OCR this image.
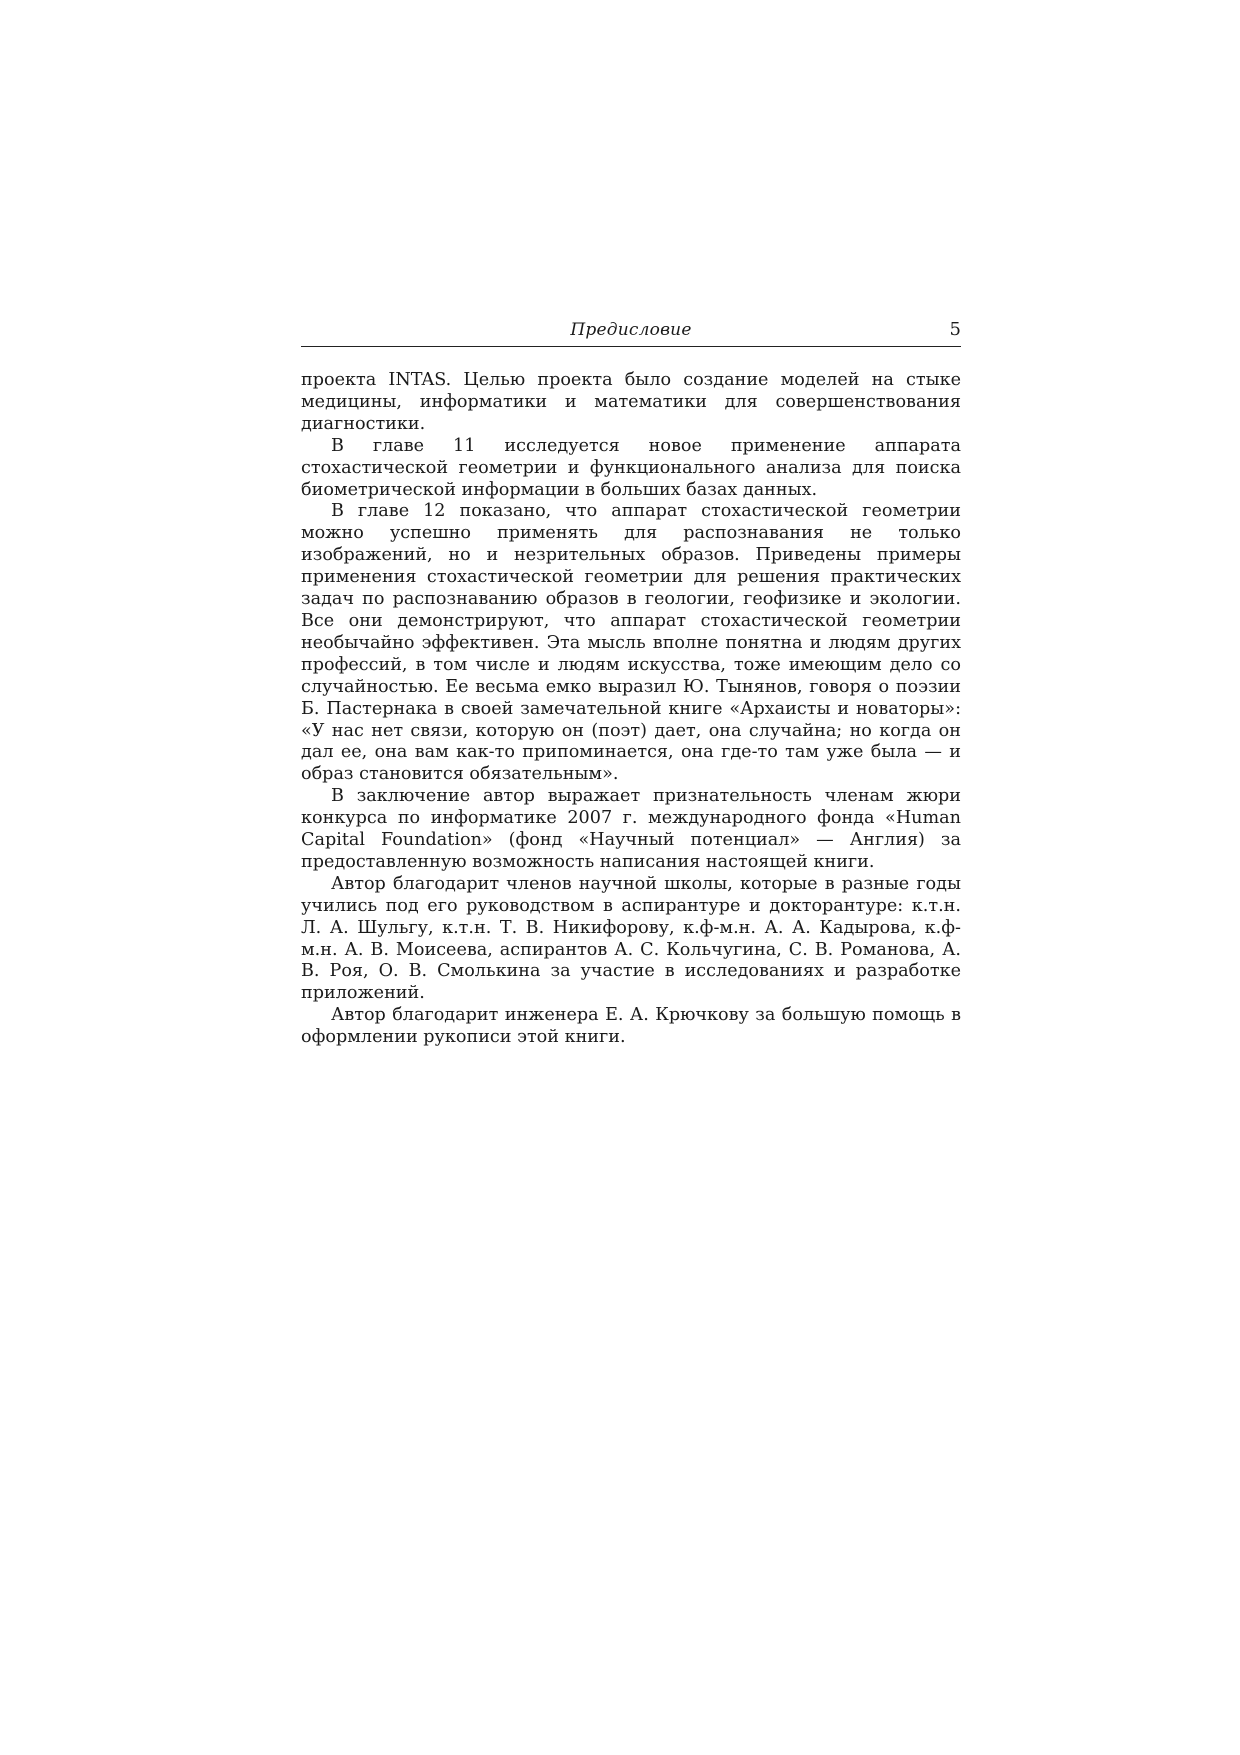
Предисловие	5

проекта INTAS. Целью проекта было создание моделей на стыке медицины, информатики и математики для совершенствования диагностики.

В главе 11 исследуется новое применение аппарата стохастической геометрии и функционального анализа для поиска биометрической информации в больших базах данных.

В главе 12 показано, что аппарат стохастической геометрии можно успешно применять для распознавания не только изображений, но и незрительных образов. Приведены примеры применения стохастической геометрии для решения практических задач по распознаванию образов в геологии, геофизике и экологии. Все они демонстрируют, что аппарат стохастической геометрии необычайно эффективен. Эта мысль вполне понятна и людям других профессий, в том числе и людям искусства, тоже имеющим дело со случайностью. Ее весьма емко выразил Ю. Тынянов, говоря о поэзии Б. Пастернака в своей замечательной книге «Архаисты и новаторы»: «У нас нет связи, которую он (поэт) дает, она случайна; но когда он дал ее, она вам как-то припоминается, она где-то там уже была — и образ становится обязательным».

В заключение автор выражает признательность членам жюри конкурса по информатике 2007 г. международного фонда «Human Capital Foundation» (фонд «Научный потенциал» — Англия) за предоставленную возможность написания настоящей книги.

Автор благодарит членов научной школы, которые в разные годы учились под его руководством в аспирантуре и докторантуре: к.т.н. Л. А. Шульгу, к.т.н. Т. В. Никифорову, к.ф-м.н. А. А. Кадырова, к.ф-м.н. А. В. Моисеева, аспирантов А. С. Кольчугина, С. В. Романова, А. В. Роя, О. В. Смолькина за участие в исследованиях и разработке приложений.

Автор благодарит инженера Е. А. Крючкову за большую помощь в оформлении рукописи этой книги.
